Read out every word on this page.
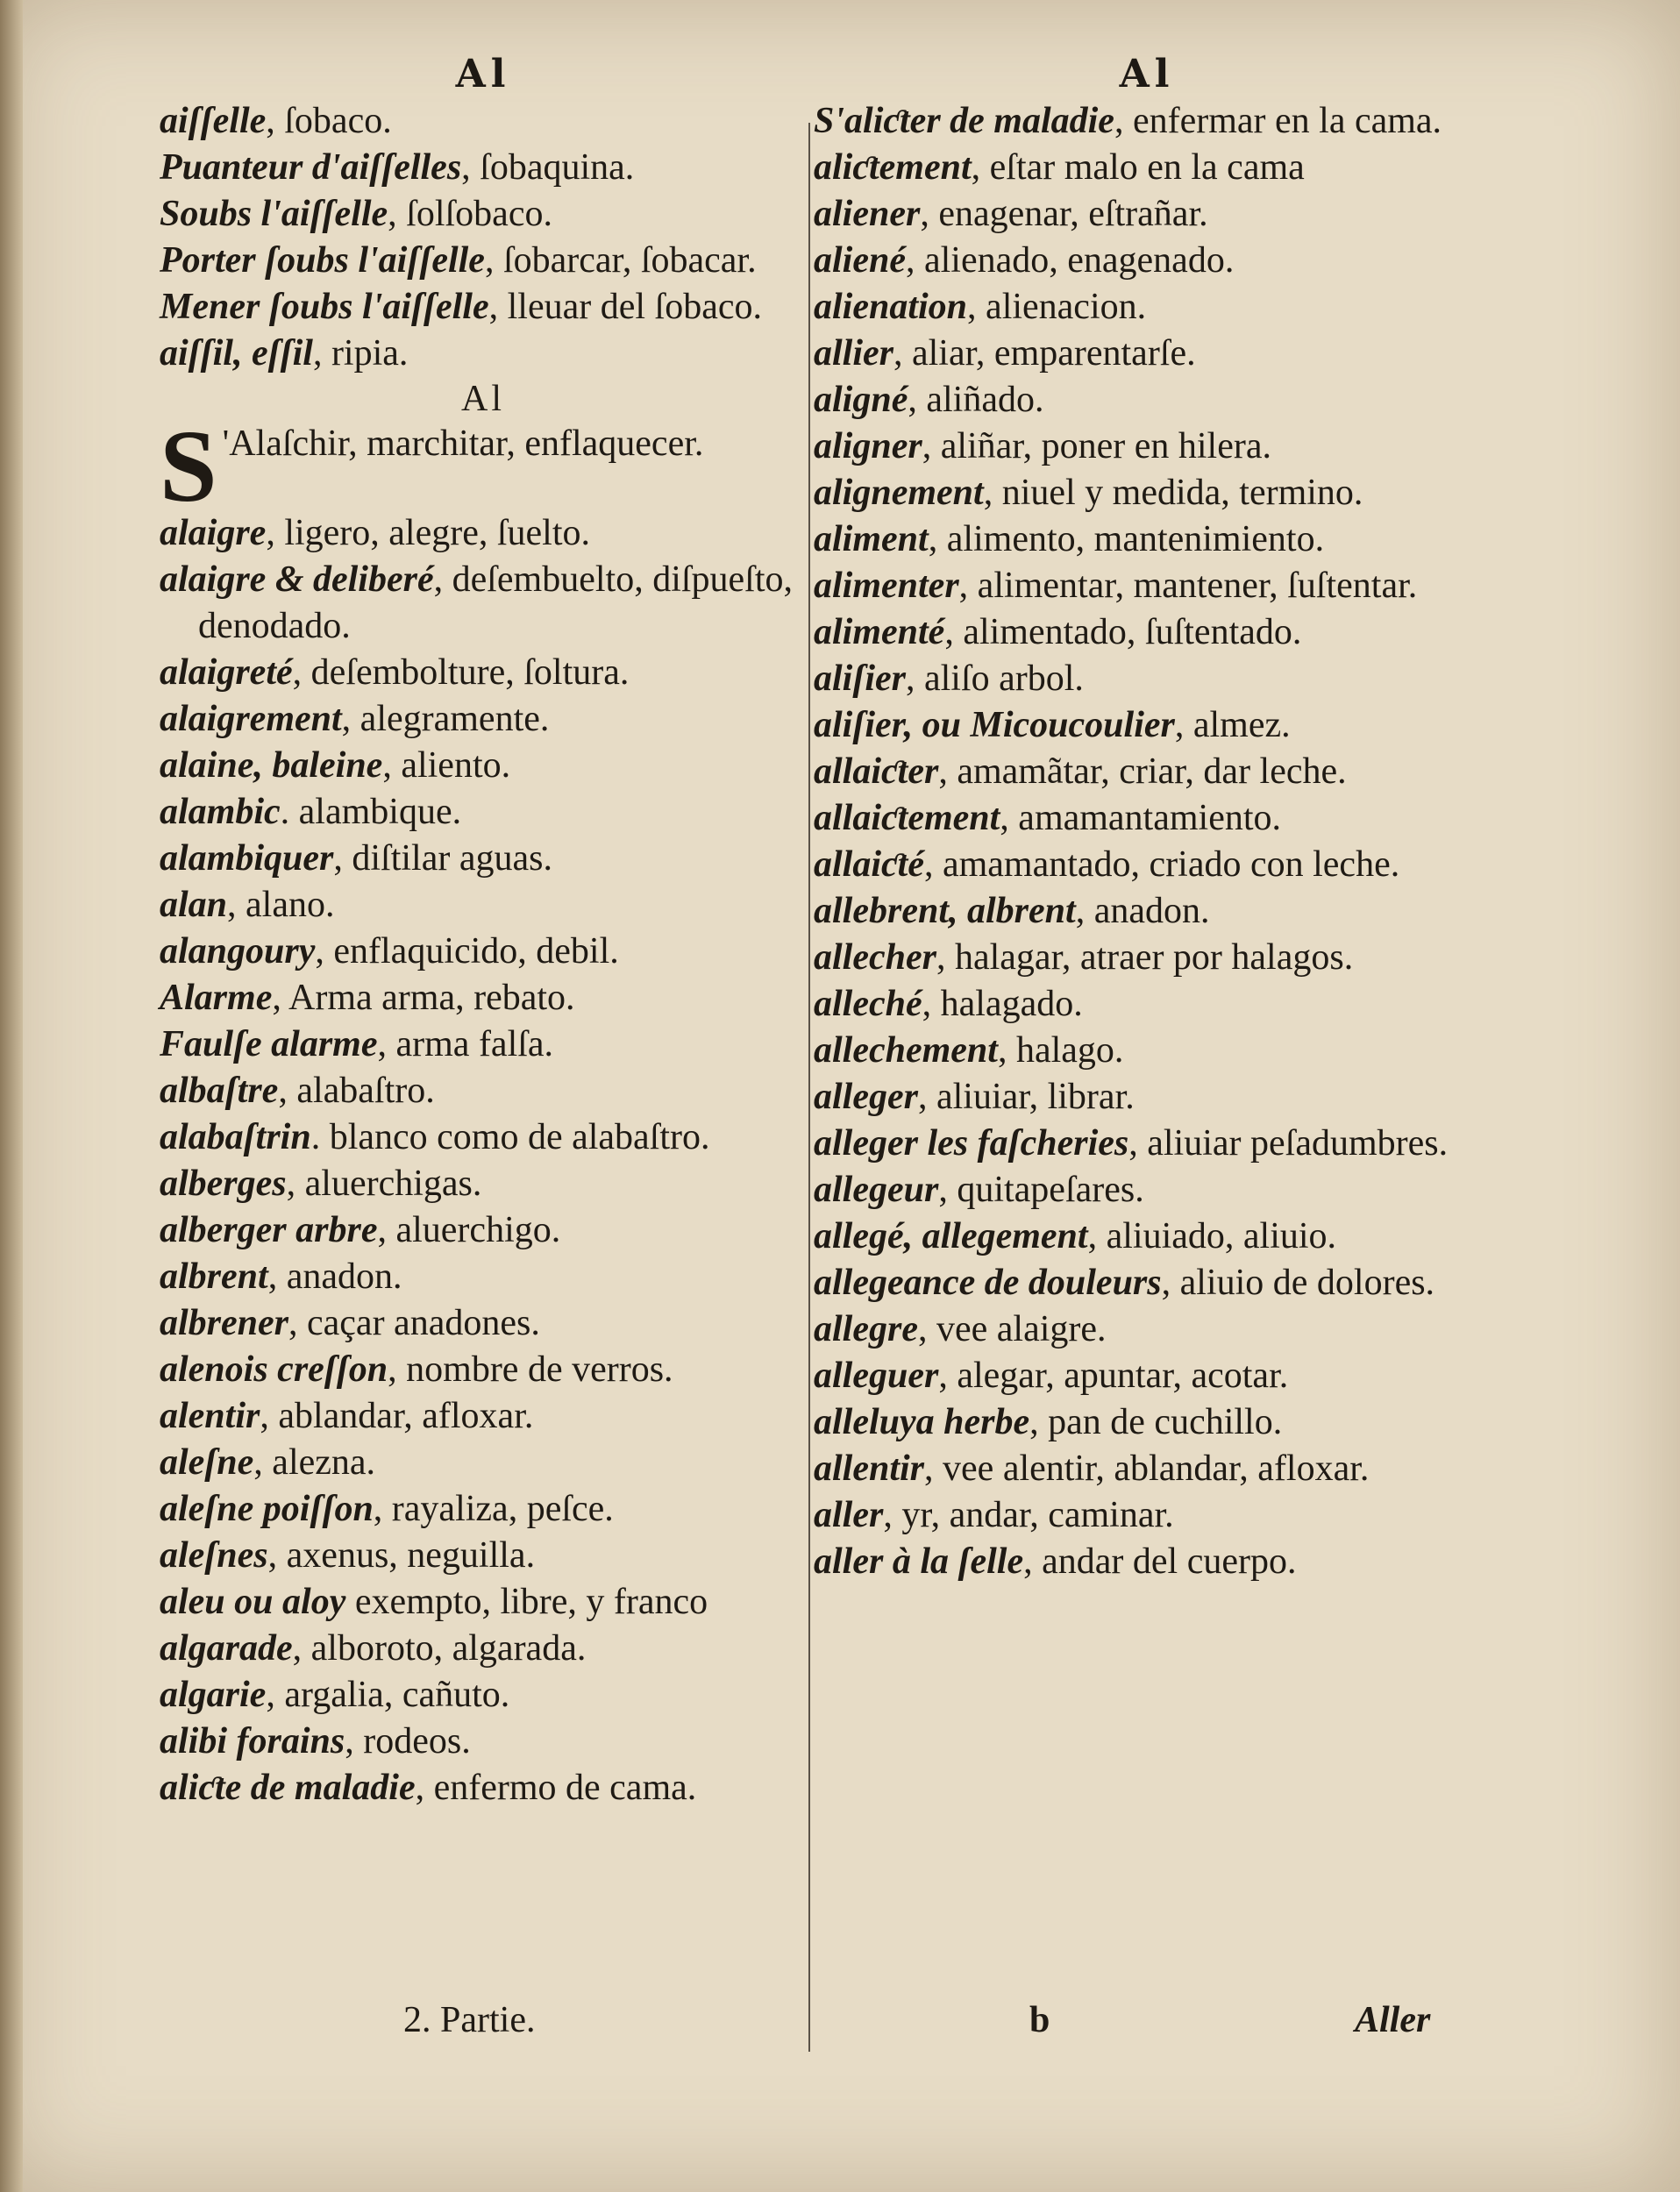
Al

aiſſelle, ſobaco.

Puanteur d'aiſſelles, ſobaquina.

Soubs l'aiſſelle, ſolſobaco.

Porter ſoubs l'aiſſelle, ſobarcar, ſobacar.

Mener ſoubs l'aiſſelle, lleuar del ſobaco.

aiſſil, eſſil, ripia.

Al
S 'Alaſchir, marchitar, enflaquecer.

alaigre, ligero, alegre, ſuelto.

alaigre & deliberé, deſembuelto, diſpueſto, denodado.

alaigreté, deſembolture, ſoltura.

alaigrement, alegramente.

alaine, baleine, aliento.

alambic. alambique.

alambiquer, diſtilar aguas.

alan, alano.

alangoury, enflaquicido, debil.

Alarme, Arma arma, rebato.

Faulſe alarme, arma falſa.

albaſtre, alabaſtro.

alabaſtrin. blanco como de alabaſtro.

alberges, aluerchigas.

alberger arbre, aluerchigo.

albrent, anadon.

albrener, caçar anadones.

alenois creſſon, nombre de verros.

alentir, ablandar, afloxar.

aleſne, alezna.

aleſne poiſſon, rayaliza, peſce.

aleſnes, axenus, neguilla.

aleu ou aloy exempto, libre, y franco

algarade, alboroto, algarada.

algarie, argalia, cañuto.

alibi forains, rodeos.

aliƈte de maladie, enfermo de cama.

Al

S'aliƈter de maladie, enfermar en la cama.

aliƈtement, eſtar malo en la cama

aliener, enagenar, eſtrañar.

aliené, alienado, enagenado.

alienation, alienacion.

allier, aliar, emparentarſe.

aligné, aliñado.

aligner, aliñar, poner en hilera.

alignement, niuel y medida, termino.

aliment, alimento, mantenimiento.

alimenter, alimentar, mantener, ſuſtentar.

alimenté, alimentado, ſuſtentado.

aliſier, aliſo arbol.

aliſier, ou Micoucoulier, almez.

allaiƈter, amamãtar, criar, dar leche.

allaiƈtement, amamantamiento.

allaiƈté, amamantado, criado con leche.

allebrent, albrent, anadon.

allecher, halagar, atraer por halagos.

alleché, halagado.

allechement, halago.

alleger, aliuiar, librar.

alleger les faſcheries, aliuiar peſadumbres.

allegeur, quitapeſares.

allegé, allegement, aliuiado, aliuio.

allegeance de douleurs, aliuio de dolores.

allegre, vee alaigre.

alleguer, alegar, apuntar, acotar.

alleluya herbe, pan de cuchillo.

allentir, vee alentir, ablandar, afloxar.

aller, yr, andar, caminar.

aller à la ſelle, andar del cuerpo.

2. Partie.	b	Aller
